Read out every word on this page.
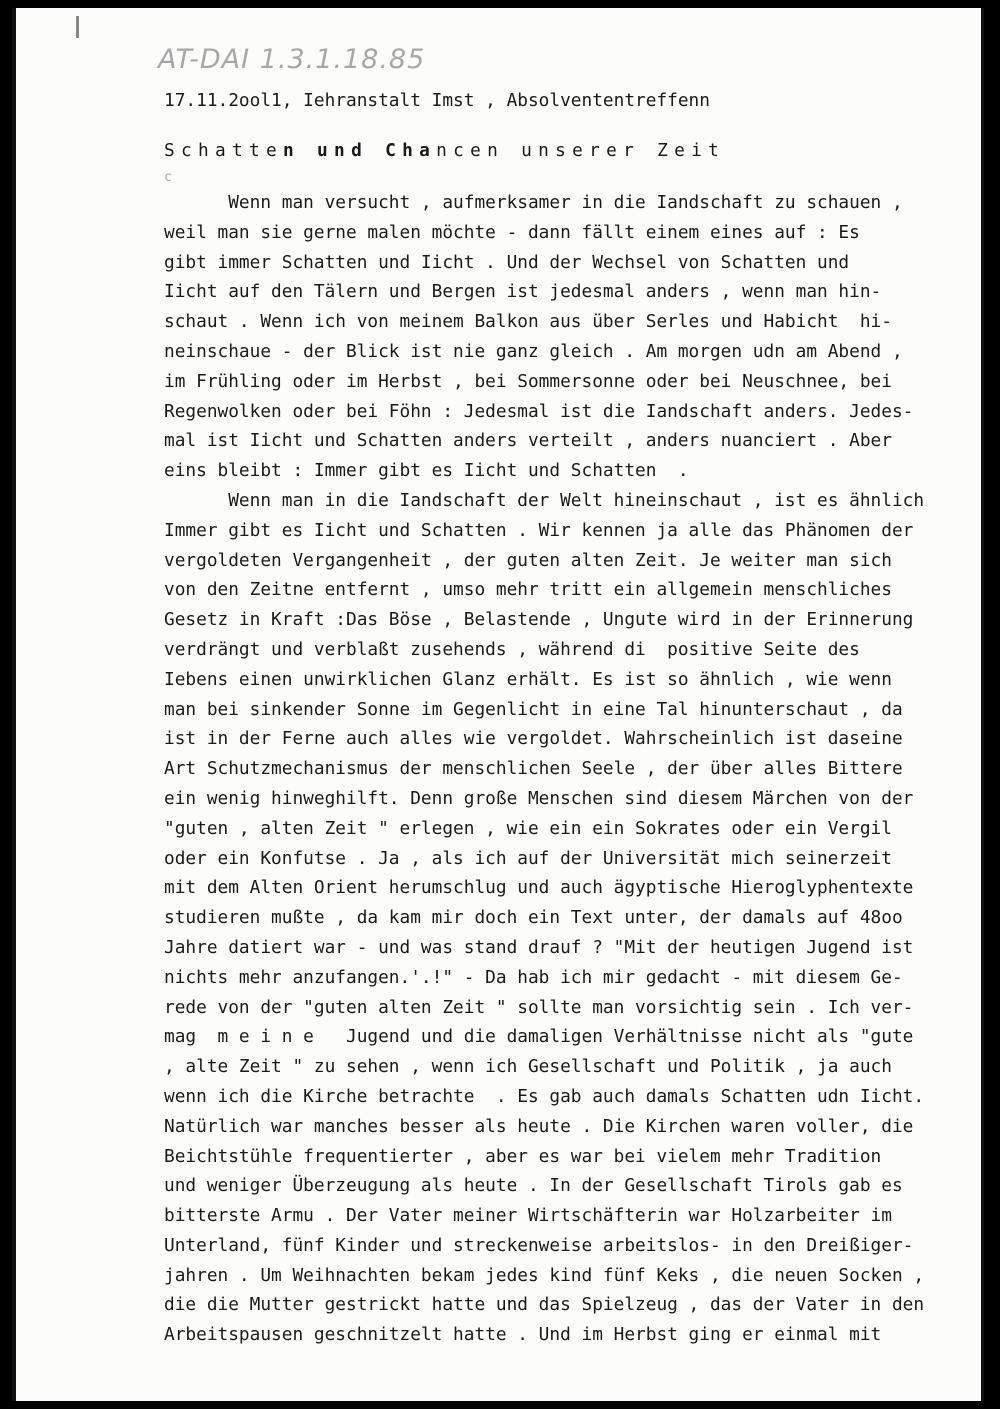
AT-DAI 1.3.1.18.85

17.11.2ool1, Iehranstalt Imst , Absolvententreffenn

Schatten und Chancen unserer Zeit

c

Wenn man versucht , aufmerksamer in die Iandschaft zu schauen ,
weil man sie gerne malen möchte - dann fällt einem eines auf : Es
gibt immer Schatten und Iicht . Und der Wechsel von Schatten und
Iicht auf den Tälern und Bergen ist jedesmal anders , wenn man hin-
schaut . Wenn ich von meinem Balkon aus über Serles und Habicht  hi-
neinschaue - der Blick ist nie ganz gleich . Am morgen udn am Abend ,
im Frühling oder im Herbst , bei Sommersonne oder bei Neuschnee, bei
Regenwolken oder bei Föhn : Jedesmal ist die Iandschaft anders. Jedes-
mal ist Iicht und Schatten anders verteilt , anders nuanciert . Aber
eins bleibt : Immer gibt es Iicht und Schatten  .
Wenn man in die Iandschaft der Welt hineinschaut , ist es ähnlich
Immer gibt es Iicht und Schatten . Wir kennen ja alle das Phänomen der
vergoldeten Vergangenheit , der guten alten Zeit. Je weiter man sich
von den Zeitne entfernt , umso mehr tritt ein allgemein menschliches
Gesetz in Kraft :Das Böse , Belastende , Ungute wird in der Erinnerung
verdrängt und verblaßt zusehends , während di  positive Seite des
Iebens einen unwirklichen Glanz erhält. Es ist so ähnlich , wie wenn
man bei sinkender Sonne im Gegenlicht in eine Tal hinunterschaut , da
ist in der Ferne auch alles wie vergoldet. Wahrscheinlich ist daseine
Art Schutzmechanismus der menschlichen Seele , der über alles Bittere
ein wenig hinweghilft. Denn große Menschen sind diesem Märchen von der
"guten , alten Zeit " erlegen , wie ein ein Sokrates oder ein Vergil
oder ein Konfutse . Ja , als ich auf der Universität mich seinerzeit
mit dem Alten Orient herumschlug und auch ägyptische Hieroglyphentexte
studieren mußte , da kam mir doch ein Text unter, der damals auf 48oo
Jahre datiert war - und was stand drauf ? "Mit der heutigen Jugend ist
nichts mehr anzufangen.'.!" - Da hab ich mir gedacht - mit diesem Ge-
rede von der "guten alten Zeit " sollte man vorsichtig sein . Ich ver-
mag  m e i n e   Jugend und die damaligen Verhältnisse nicht als "gute
, alte Zeit " zu sehen , wenn ich Gesellschaft und Politik , ja auch
wenn ich die Kirche betrachte  . Es gab auch damals Schatten udn Iicht.
Natürlich war manches besser als heute . Die Kirchen waren voller, die
Beichtstühle frequentierter , aber es war bei vielem mehr Tradition
und weniger Überzeugung als heute . In der Gesellschaft Tirols gab es
bitterste Armu . Der Vater meiner Wirtschäfterin war Holzarbeiter im
Unterland, fünf Kinder und streckenweise arbeitslos- in den Dreißiger-
jahren . Um Weihnachten bekam jedes kind fünf Keks , die neuen Socken ,
die die Mutter gestrickt hatte und das Spielzeug , das der Vater in den
Arbeitspausen geschnitzelt hatte . Und im Herbst ging er einmal mit
